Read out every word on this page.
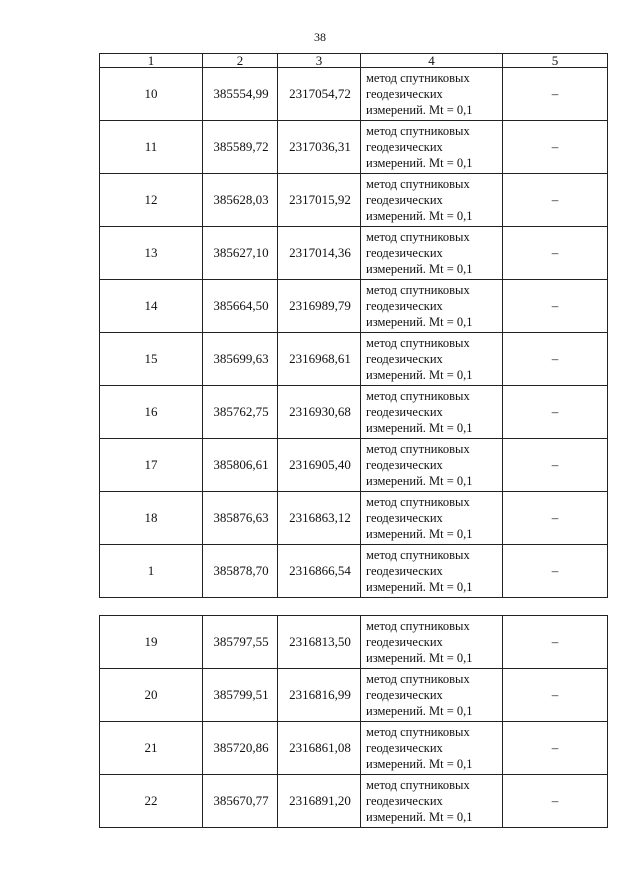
38
1	2	3	4	5
10	385554,99	2317054,72	метод спутниковых
геодезических
измерений. Mt = 0,1	–
11	385589,72	2317036,31	метод спутниковых
геодезических
измерений. Mt = 0,1	–
12	385628,03	2317015,92	метод спутниковых
геодезических
измерений. Mt = 0,1	–
13	385627,10	2317014,36	метод спутниковых
геодезических
измерений. Mt = 0,1	–
14	385664,50	2316989,79	метод спутниковых
геодезических
измерений. Mt = 0,1	–
15	385699,63	2316968,61	метод спутниковых
геодезических
измерений. Mt = 0,1	–
16	385762,75	2316930,68	метод спутниковых
геодезических
измерений. Mt = 0,1	–
17	385806,61	2316905,40	метод спутниковых
геодезических
измерений. Mt = 0,1	–
18	385876,63	2316863,12	метод спутниковых
геодезических
измерений. Mt = 0,1	–
1	385878,70	2316866,54	метод спутниковых
геодезических
измерений. Mt = 0,1	–

19	385797,55	2316813,50	метод спутниковых
геодезических
измерений. Mt = 0,1	–
20	385799,51	2316816,99	метод спутниковых
геодезических
измерений. Mt = 0,1	–
21	385720,86	2316861,08	метод спутниковых
геодезических
измерений. Mt = 0,1	–
22	385670,77	2316891,20	метод спутниковых
геодезических
измерений. Mt = 0,1	–
